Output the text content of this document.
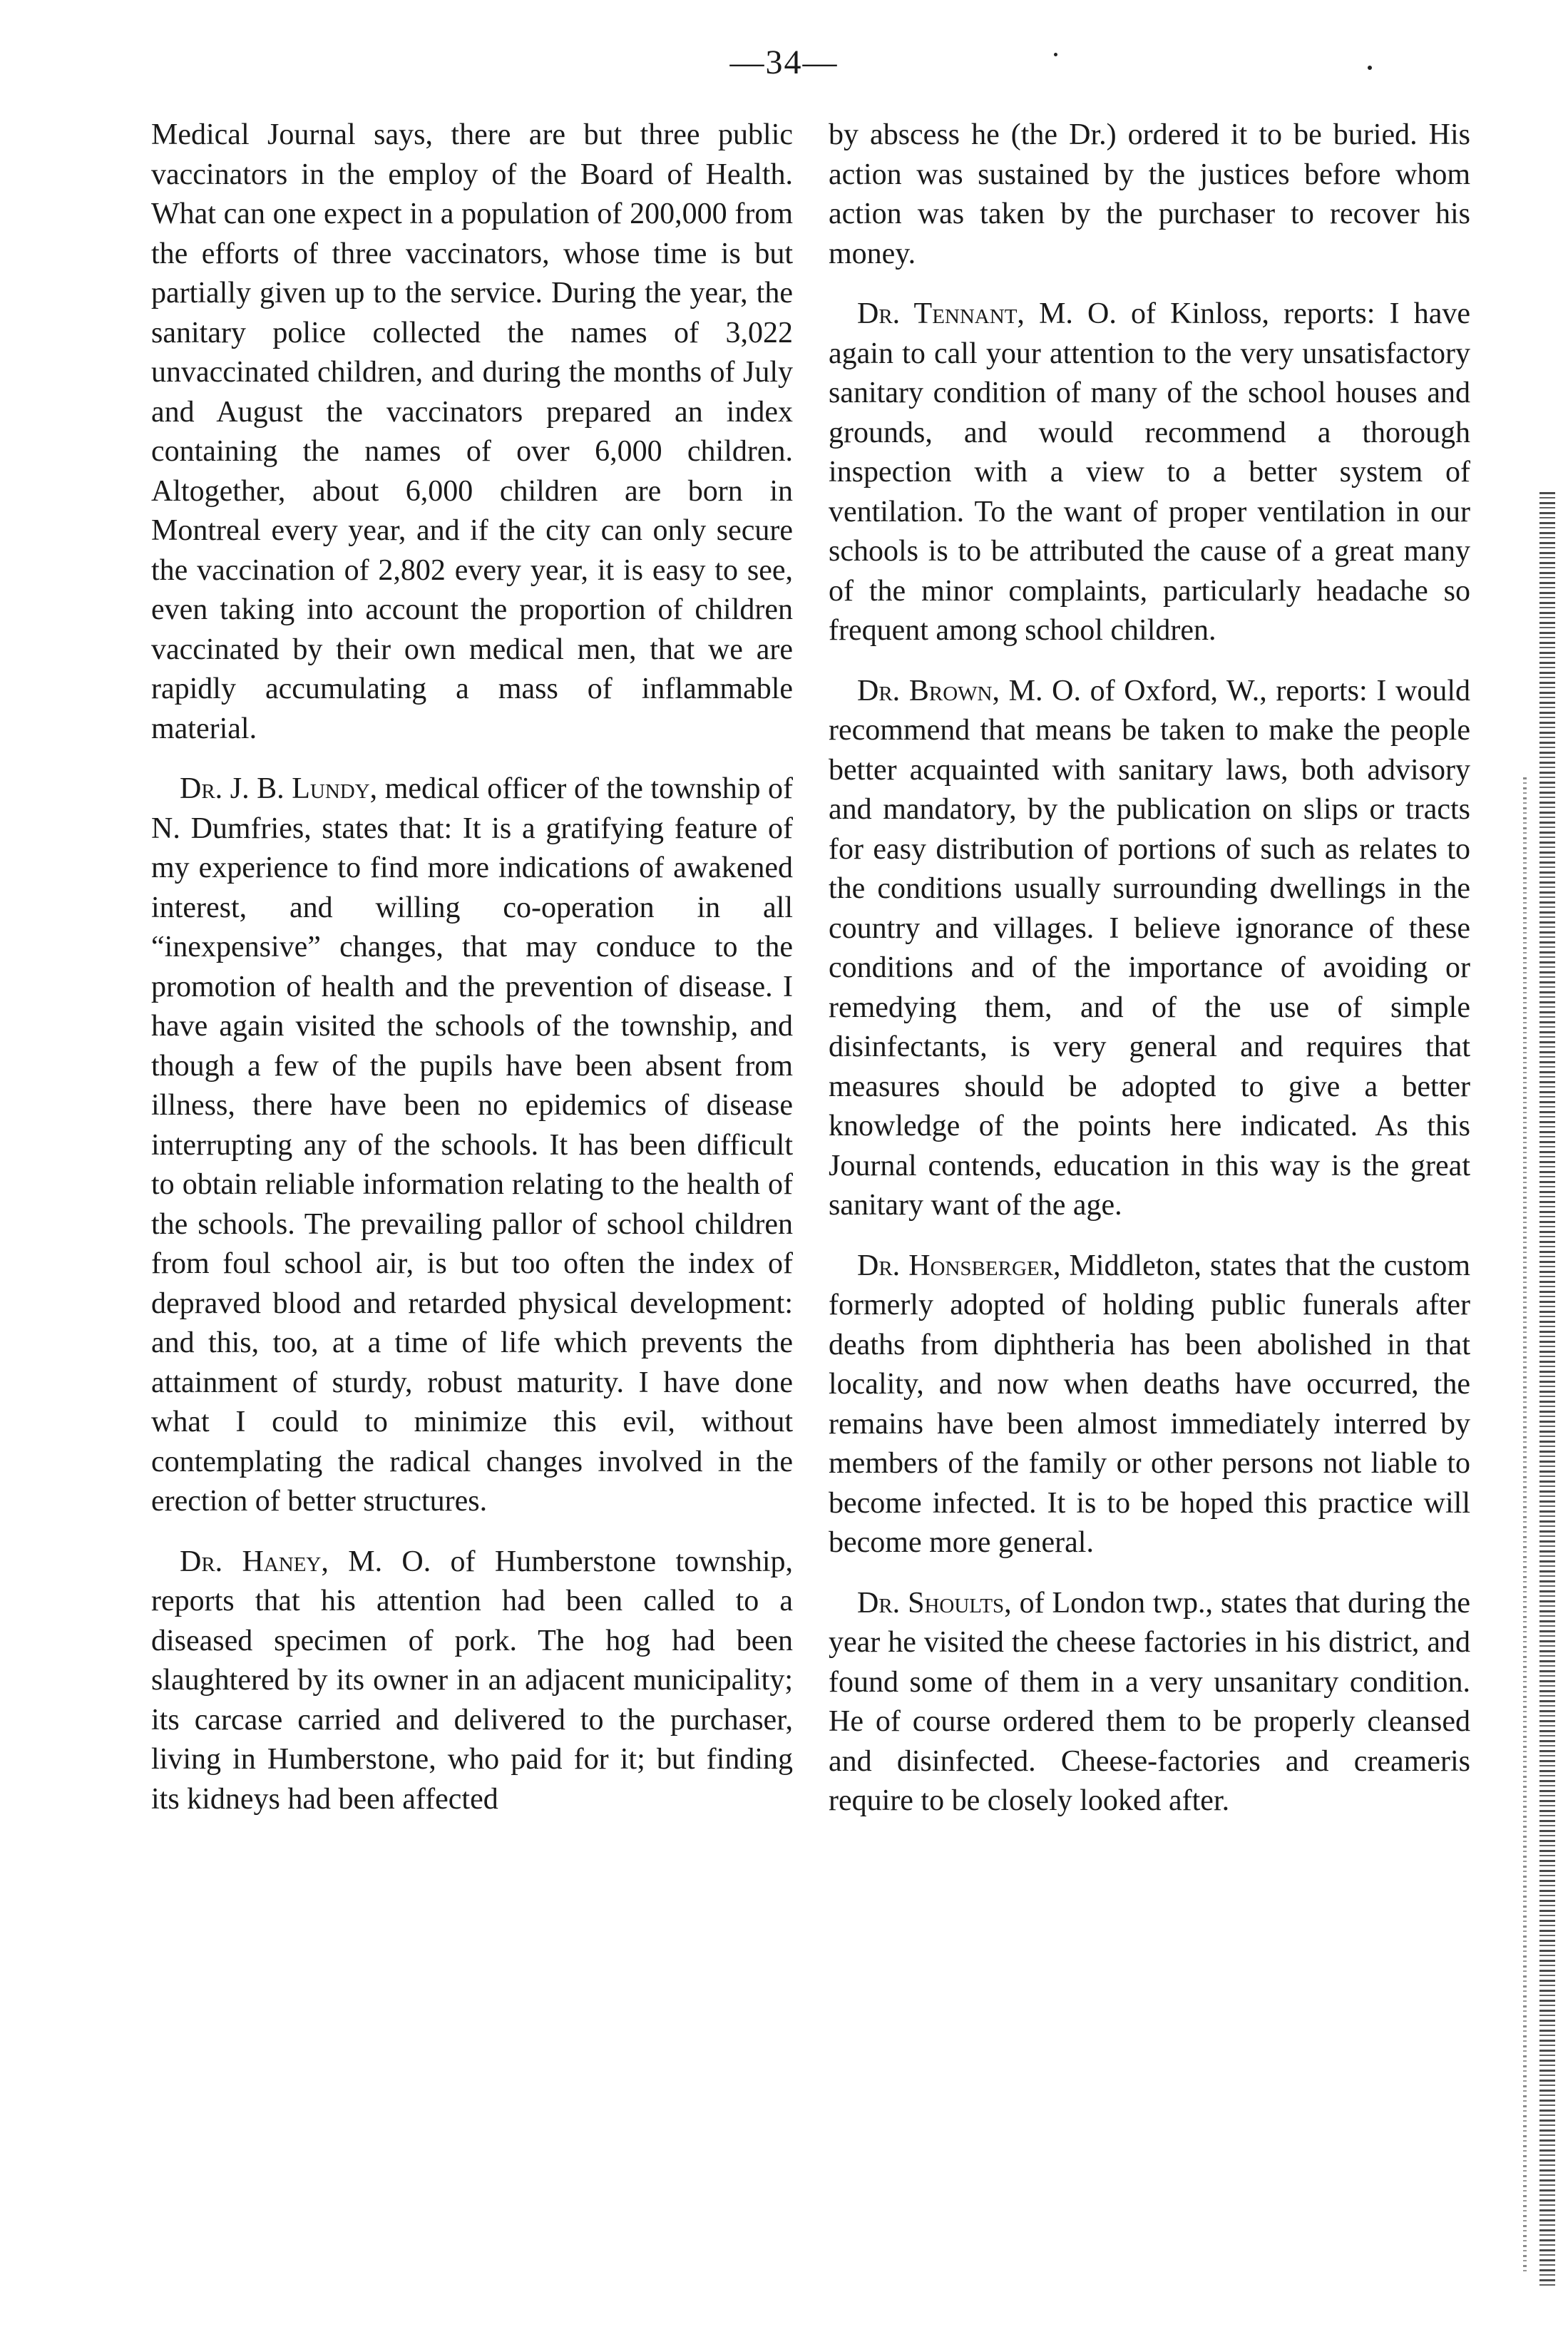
—34—

Medical Journal says, there are but three public vaccinators in the employ of the Board of Health. What can one expect in a population of 200,000 from the efforts of three vaccinators, whose time is but partially given up to the service. During the year, the sanitary police collected the names of 3,022 unvaccinated children, and during the months of July and August the vaccinators prepared an index containing the names of over 6,000 children. Altogether, about 6,000 children are born in Montreal every year, and if the city can only secure the vaccination of 2,802 every year, it is easy to see, even taking into account the proportion of children vaccinated by their own medical men, that we are rapidly accumulating a mass of inflammable material.

Dr. J. B. Lundy, medical officer of the township of N. Dumfries, states that: It is a gratifying feature of my experience to find more indications of awakened interest, and willing co-operation in all “inexpensive” changes, that may conduce to the promotion of health and the prevention of disease. I have again visited the schools of the township, and though a few of the pupils have been absent from illness, there have been no epidemics of disease interrupting any of the schools. It has been difficult to obtain reliable information relating to the health of the schools. The prevailing pallor of school children from foul school air, is but too often the index of depraved blood and retarded physical development: and this, too, at a time of life which prevents the attainment of sturdy, robust maturity. I have done what I could to minimize this evil, without contemplating the radical changes involved in the erection of better structures.

Dr. Haney, M. O. of Humberstone township, reports that his attention had been called to a diseased specimen of pork. The hog had been slaughtered by its owner in an adjacent municipality; its carcase carried and delivered to the purchaser, living in Humberstone, who paid for it; but finding its kidneys had been affected

by abscess he (the Dr.) ordered it to be buried. His action was sustained by the justices before whom action was taken by the purchaser to recover his money.

Dr. Tennant, M. O. of Kinloss, reports: I have again to call your attention to the very unsatisfactory sanitary condition of many of the school houses and grounds, and would recommend a thorough inspection with a view to a better system of ventilation. To the want of proper ventilation in our schools is to be attributed the cause of a great many of the minor complaints, particularly headache so frequent among school children.

Dr. Brown, M. O. of Oxford, W., reports: I would recommend that means be taken to make the people better acquainted with sanitary laws, both advisory and mandatory, by the publication on slips or tracts for easy distribution of portions of such as relates to the conditions usually surrounding dwellings in the country and villages. I believe ignorance of these conditions and of the importance of avoiding or remedying them, and of the use of simple disinfectants, is very general and requires that measures should be adopted to give a better knowledge of the points here indicated. As this Journal contends, education in this way is the great sanitary want of the age.

Dr. Honsberger, Middleton, states that the custom formerly adopted of holding public funerals after deaths from diphtheria has been abolished in that locality, and now when deaths have occurred, the remains have been almost immediately interred by members of the family or other persons not liable to become infected. It is to be hoped this practice will become more general.

Dr. Shoults, of London twp., states that during the year he visited the cheese factories in his district, and found some of them in a very unsanitary condition. He of course ordered them to be properly cleansed and disinfected. Cheese-factories and creameris require to be closely looked after.
